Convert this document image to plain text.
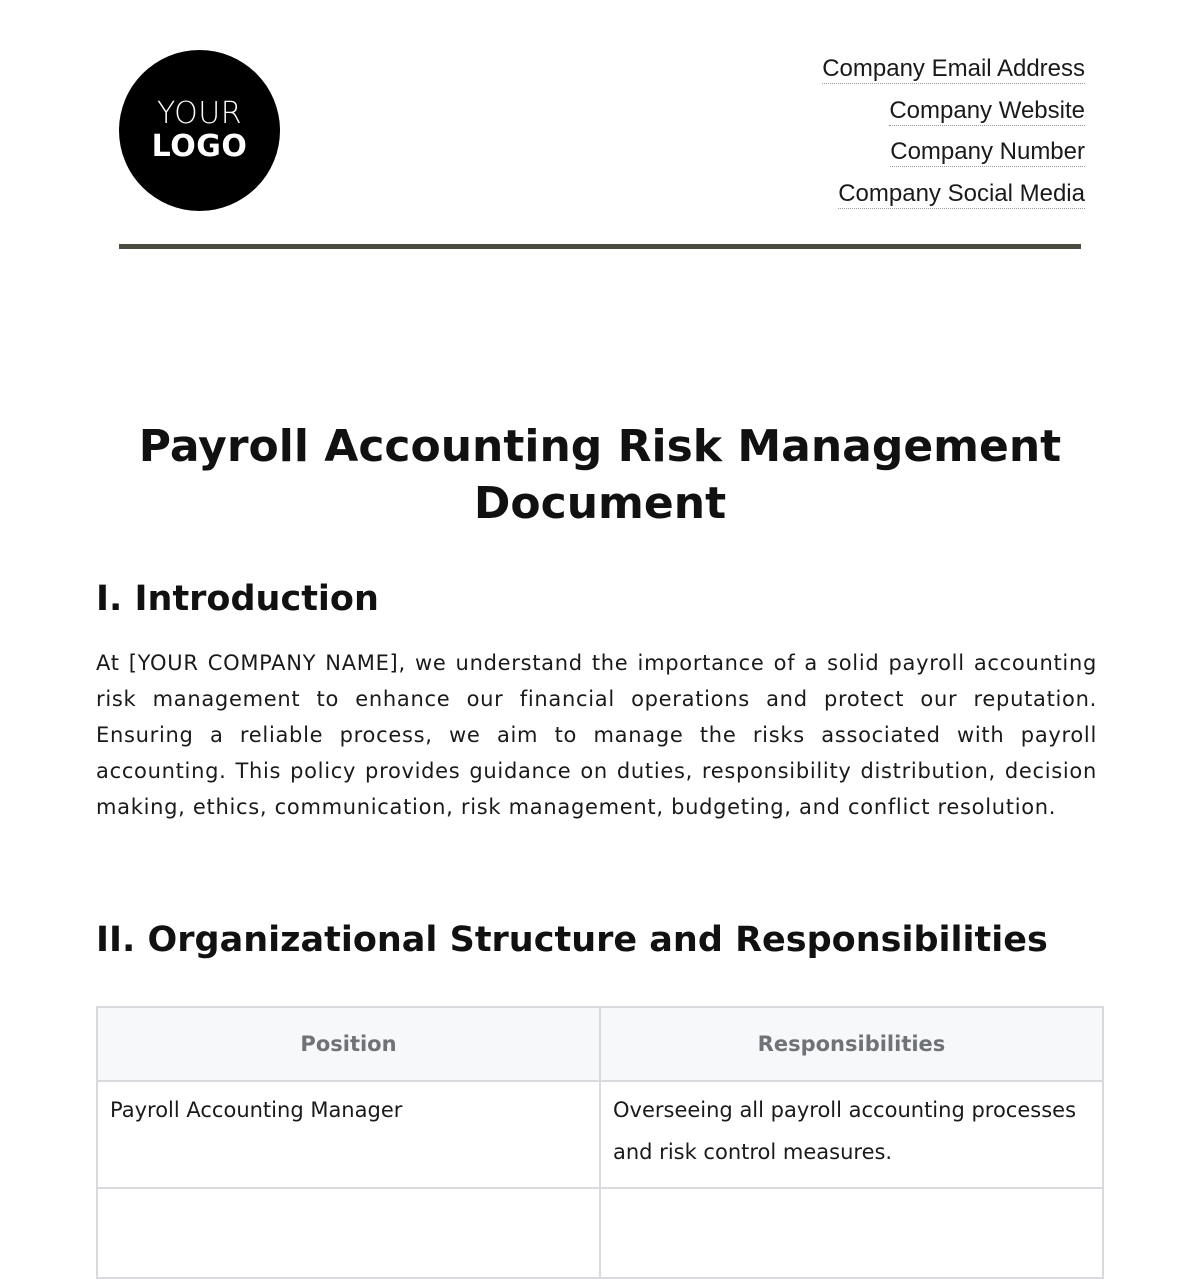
YOUR
LOGO
Company Email Address
Company Website
Company Number
Company Social Media
Payroll Accounting Risk Management Document
I. Introduction

At [YOUR COMPANY NAME], we understand the importance of a solid payroll accounting risk management to enhance our financial operations and protect our reputation. Ensuring a reliable process, we aim to manage the risks associated with payroll accounting. This policy provides guidance on duties, responsibility distribution, decision making, ethics, communication, risk management, budgeting, and conflict resolution.

II. Organizational Structure and Responsibilities
Position	Responsibilities

Payroll Accounting Manager	Overseeing all payroll accounting processes and risk control measures.
